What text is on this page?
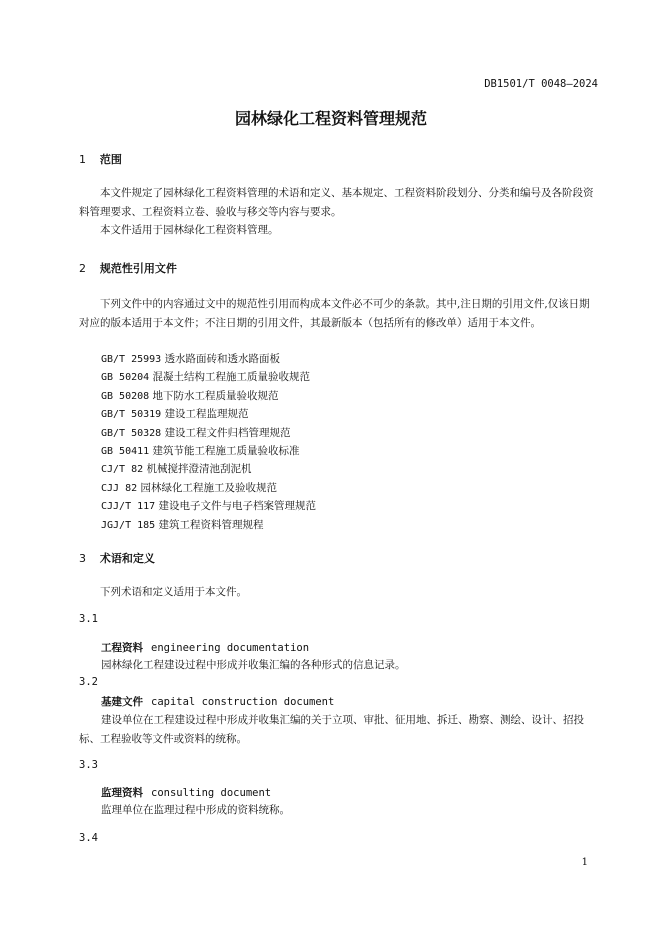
DB1501/T 0048—2024
园林绿化工程资料管理规范
1 范围
本文件规定了园林绿化工程资料管理的术语和定义、基本规定、工程资料阶段划分、分类和编号及各阶段资料管理要求、工程资料立卷、验收与移交等内容与要求。
本文件适用于园林绿化工程资料管理。
2 规范性引用文件
下列文件中的内容通过文中的规范性引用而构成本文件必不可少的条款。其中,注日期的引用文件,仅该日期对应的版本适用于本文件；不注日期的引用文件，其最新版本（包括所有的修改单）适用于本文件。
GB/T 25993 透水路面砖和透水路面板
GB 50204 混凝土结构工程施工质量验收规范
GB 50208 地下防水工程质量验收规范
GB/T 50319 建设工程监理规范
GB/T 50328 建设工程文件归档管理规范
GB 50411 建筑节能工程施工质量验收标准
CJ/T 82 机械搅拌澄清池刮泥机
CJJ 82 园林绿化工程施工及验收规范
CJJ/T 117 建设电子文件与电子档案管理规范
JGJ/T 185 建筑工程资料管理规程
3 术语和定义
下列术语和定义适用于本文件。
3.1
工程资料 engineering documentation
园林绿化工程建设过程中形成并收集汇编的各种形式的信息记录。
3.2
基建文件 capital construction document
建设单位在工程建设过程中形成并收集汇编的关于立项、审批、征用地、拆迁、勘察、测绘、设计、招投标、工程验收等文件或资料的统称。
3.3
监理资料 consulting document
监理单位在监理过程中形成的资料统称。
3.4
1
